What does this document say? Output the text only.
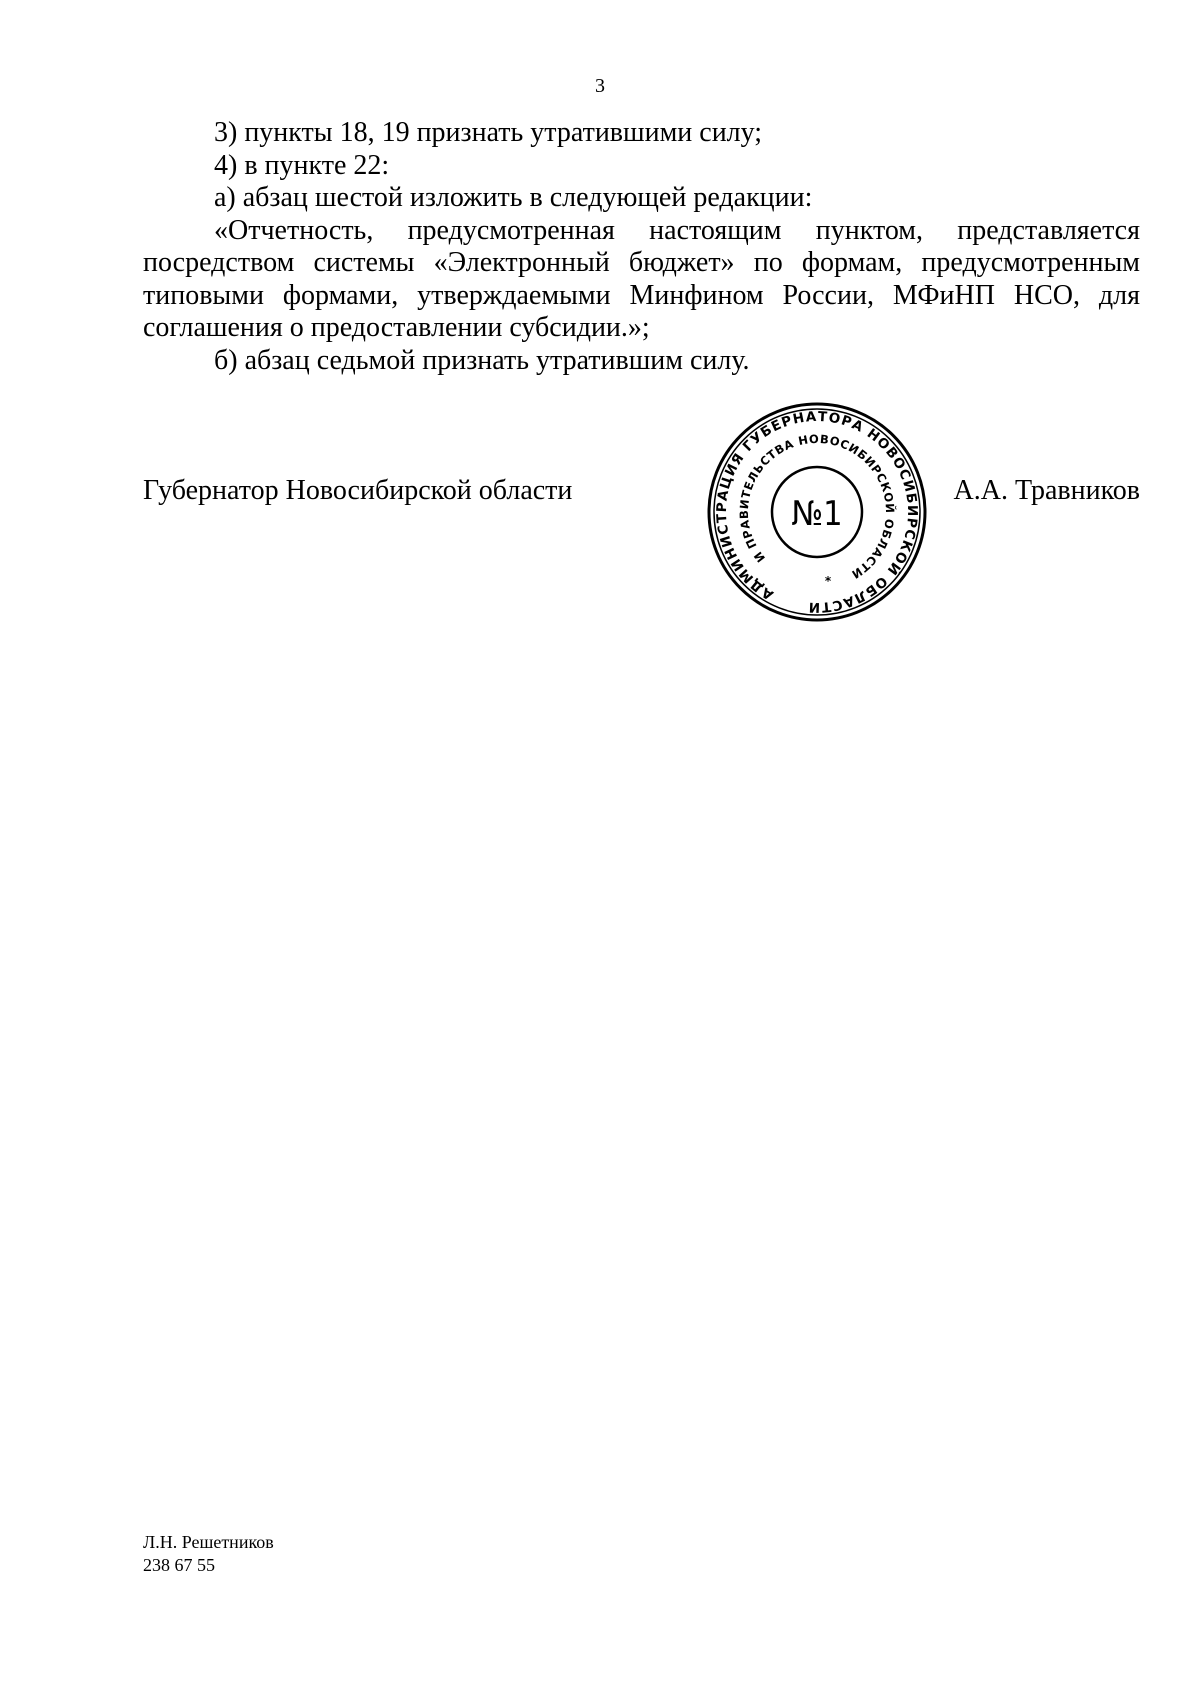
3

3) пункты 18, 19 признать утратившими силу;

4) в пункте 22:

а) абзац шестой изложить в следующей редакции:

«Отчетность, предусмотренная настоящим пунктом, представляется посредством системы «Электронный бюджет» по формам, предусмотренным типовыми формами, утверждаемыми Минфином России, МФиНП НСО, для соглашения о предоставлении субсидии.»;

б) абзац седьмой признать утратившим силу.

Губернатор Новосибирской области
АДМИНИСТРАЦИЯ ГУБЕРНАТОРА НОВОСИБИРСКОЙ ОБЛАСТИ
И ПРАВИТЕЛЬСТВА НОВОСИБИРСКОЙ ОБЛАСТИ
№1
*
А.А. Травников
Л.Н. Решетников
238 67 55
